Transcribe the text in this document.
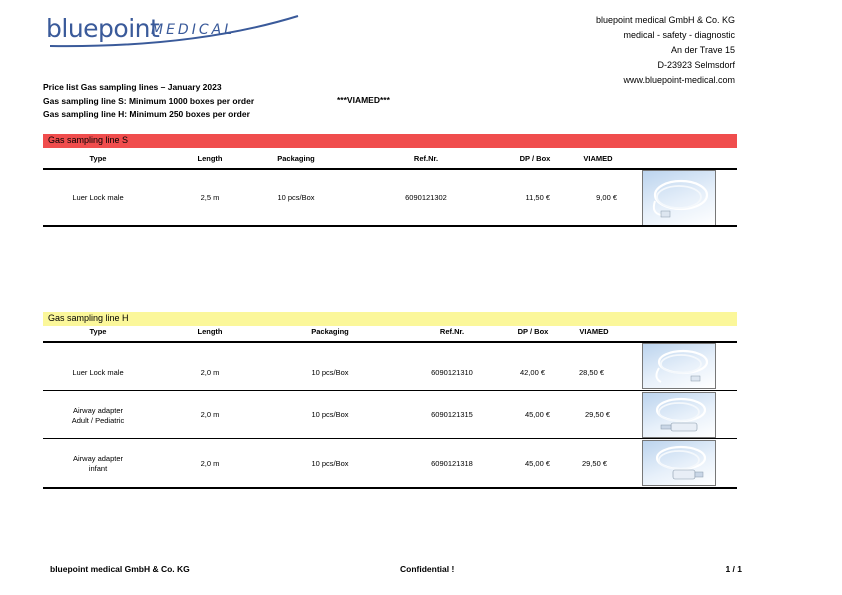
bluepoint
MEDICAL
bluepoint medical GmbH & Co. KG
medical - safety - diagnostic
An der Trave 15
D-23923 Selmsdorf
www.bluepoint-medical.com
Price list Gas sampling lines – January 2023
Gas sampling line S: Minimum 1000 boxes per order	***VIAMED***
Gas sampling line H: Minimum 250 boxes per order
Gas sampling line S
Type	Length	Packaging	Ref.Nr.	DP / Box	VIAMED
Luer Lock male	2,5 m	10 pcs/Box	6090121302	11,50 €	9,00 €
Gas sampling line H
Type	Length	Packaging	Ref.Nr.	DP / Box	VIAMED
Luer Lock male	2,0 m	10 pcs/Box	6090121310	42,00 €	28,50 €
Airway adapter
Adult / Pediatric
2,0 m	10 pcs/Box	6090121315	45,00 €	29,50 €
Airway adapter
infant
2,0 m	10 pcs/Box	6090121318	45,00 €	29,50 €
bluepoint medical GmbH & Co. KG	Confidential !	1 / 1
